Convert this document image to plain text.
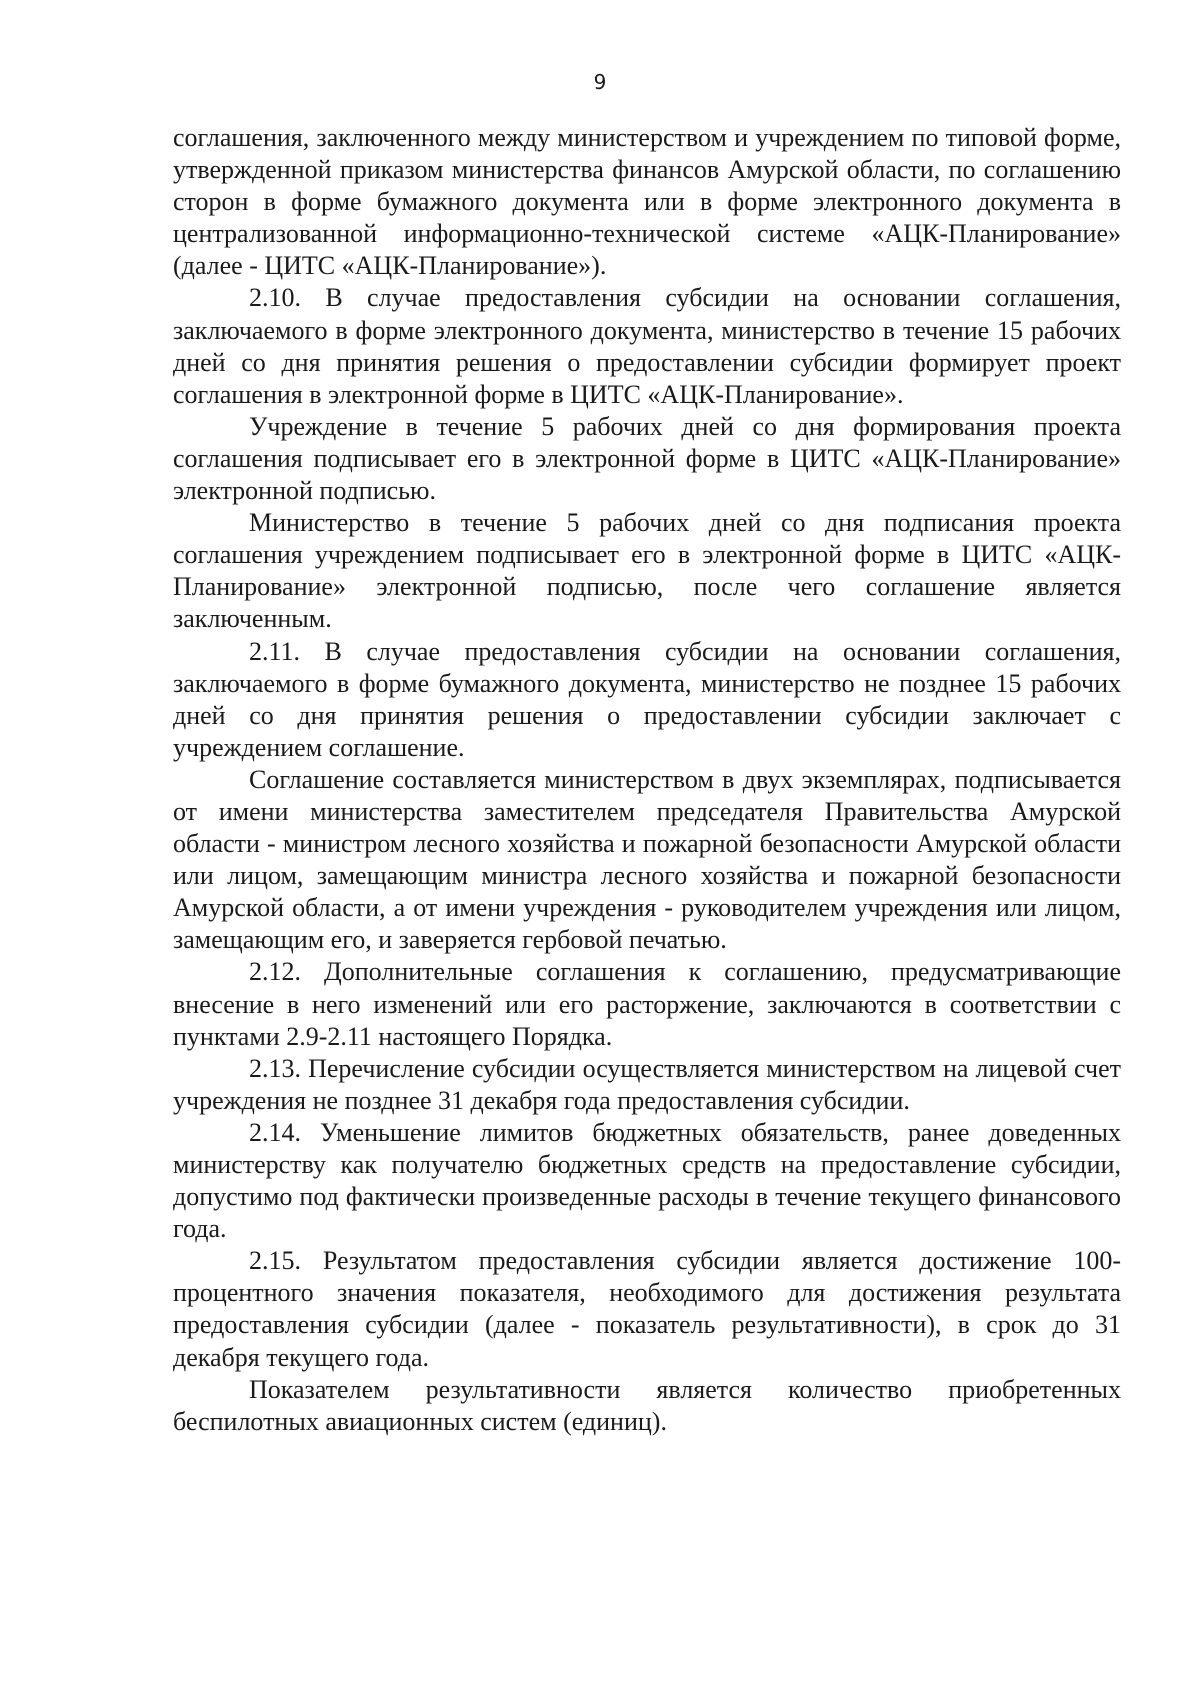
9

соглашения, заключенного между министерством и учреждением по типовой форме, утвержденной приказом министерства финансов Амурской области, по соглашению сторон в форме бумажного документа или в форме электронного документа в централизованной информационно-технической системе «АЦК-Планирование» (далее - ЦИТС «АЦК-Планирование»).

2.10. В случае предоставления субсидии на основании соглашения, заключаемого в форме электронного документа, министерство в течение 15 рабочих дней со дня принятия решения о предоставлении субсидии формирует проект соглашения в электронной форме в ЦИТС «АЦК-Планирование».

Учреждение в течение 5 рабочих дней со дня формирования проекта соглашения подписывает его в электронной форме в ЦИТС «АЦК-Планирование» электронной подписью.

Министерство в течение 5 рабочих дней со дня подписания проекта соглашения учреждением подписывает его в электронной форме в ЦИТС «АЦК-Планирование» электронной подписью, после чего соглашение является заключенным.

2.11. В случае предоставления субсидии на основании соглашения, заключаемого в форме бумажного документа, министерство не позднее 15 рабочих дней со дня принятия решения о предоставлении субсидии заключает с учреждением соглашение.

Соглашение составляется министерством в двух экземплярах, подписывается от имени министерства заместителем председателя Правительства Амурской области - министром лесного хозяйства и пожарной безопасности Амурской области или лицом, замещающим министра лесного хозяйства и пожарной безопасности Амурской области, а от имени учреждения - руководителем учреждения или лицом, замещающим его, и заверяется гербовой печатью.

2.12. Дополнительные соглашения к соглашению, предусматривающие внесение в него изменений или его расторжение, заключаются в соответствии с пунктами 2.9-2.11 настоящего Порядка.

2.13. Перечисление субсидии осуществляется министерством на лицевой счет учреждения не позднее 31 декабря года предоставления субсидии.

2.14. Уменьшение лимитов бюджетных обязательств, ранее доведенных министерству как получателю бюджетных средств на предоставление субсидии, допустимо под фактически произведенные расходы в течение текущего финансового года.

2.15. Результатом предоставления субсидии является достижение 100-процентного значения показателя, необходимого для достижения результата предоставления субсидии (далее - показатель результативности), в срок до 31 декабря текущего года.

Показателем результативности является количество приобретенных беспилотных авиационных систем (единиц).
